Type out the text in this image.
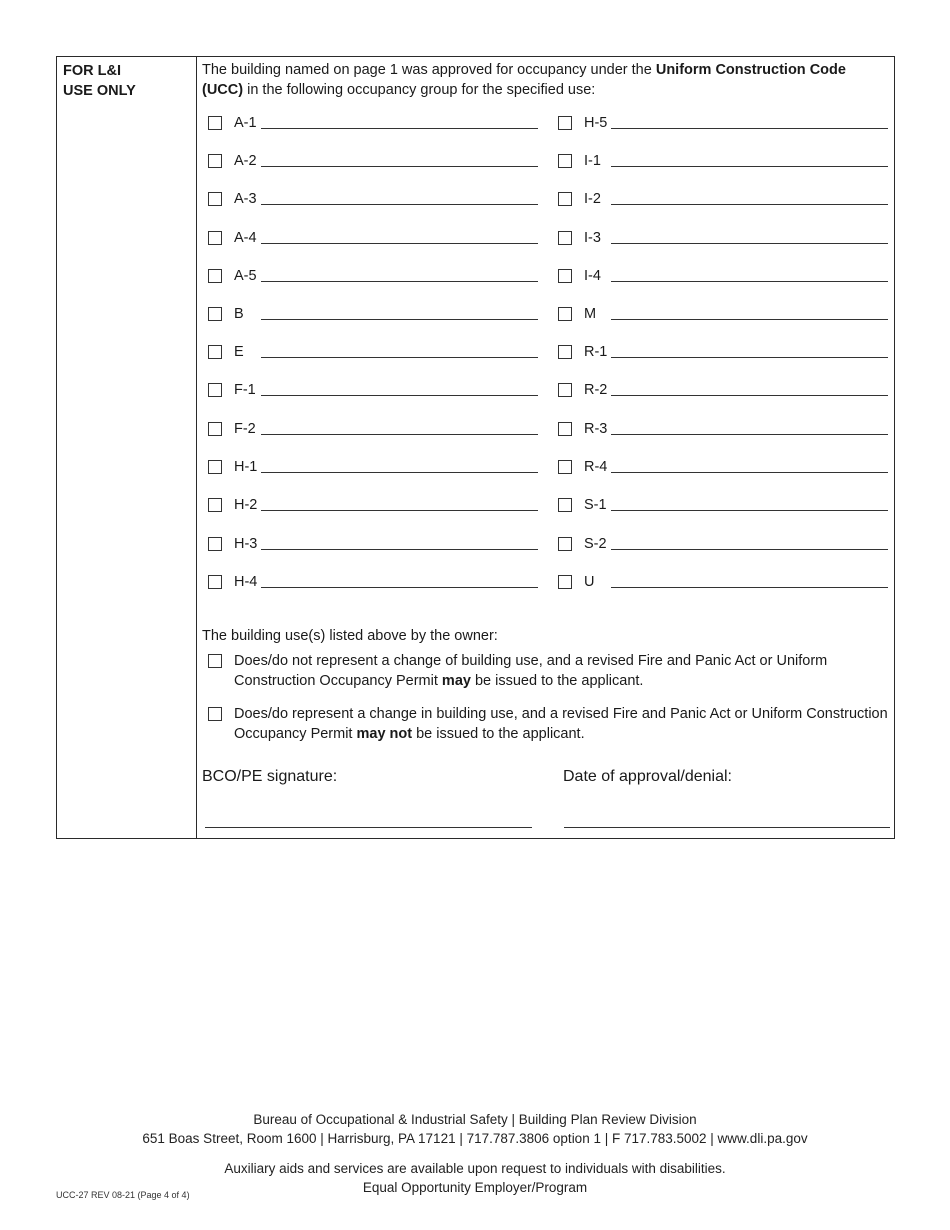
FOR L&I
USE ONLY
The building named on page 1 was approved for occupancy under the Uniform Construction Code (UCC) in the following occupancy group for the specified use:
A-1
A-2
A-3
A-4
A-5
B
E
F-1
F-2
H-1
H-2
H-3
H-4
H-5
I-1
I-2
I-3
I-4
M
R-1
R-2
R-3
R-4
S-1
S-2
U
The building use(s) listed above by the owner:
Does/do not represent a change of building use, and a revised Fire and Panic Act or Uniform Construction Occupancy Permit may be issued to the applicant.
Does/do represent a change in building use, and a revised Fire and Panic Act or Uniform Construction Occupancy Permit may not be issued to the applicant.
BCO/PE signature:	Date of approval/denial:
Bureau of Occupational & Industrial Safety | Building Plan Review Division
651 Boas Street, Room 1600 | Harrisburg, PA 17121 | 717.787.3806 option 1 | F 717.783.5002 | www.dli.pa.gov
Auxiliary aids and services are available upon request to individuals with disabilities.
Equal Opportunity Employer/Program
UCC-27 REV 08-21 (Page 4 of 4)
